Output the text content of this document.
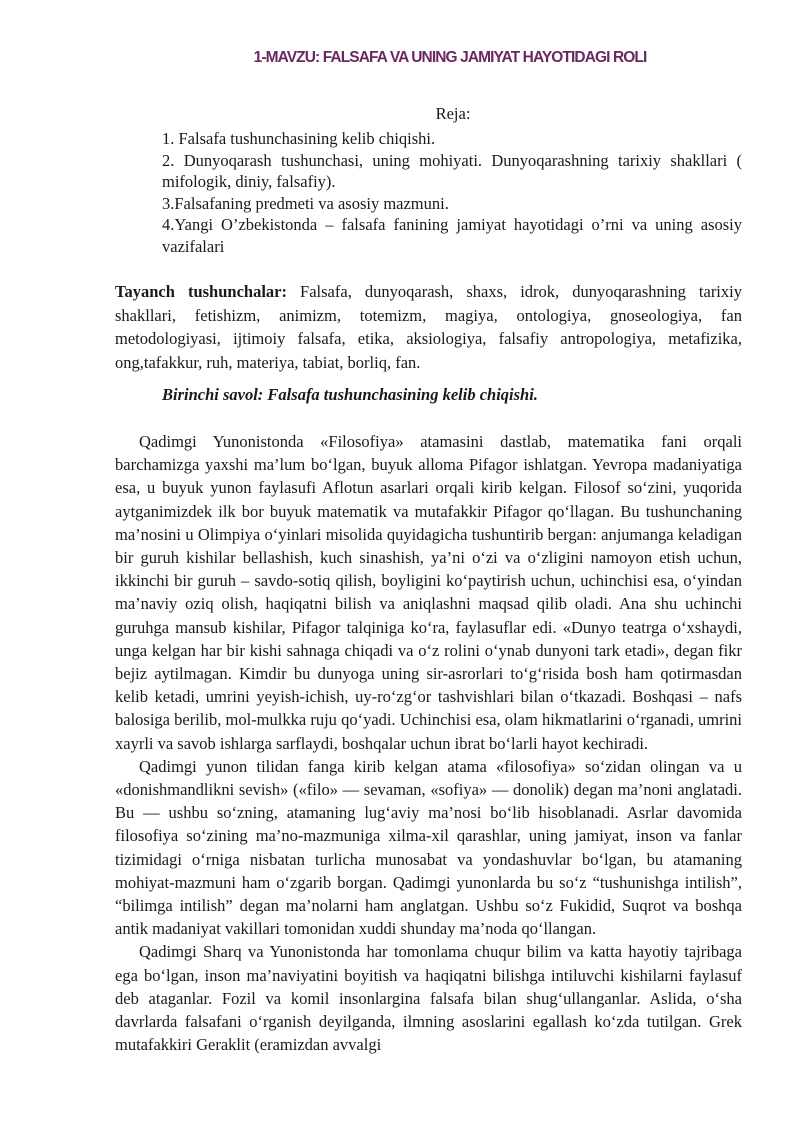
1-MAVZU: FALSAFA VA UNING JAMIYAT HAYOTIDAGI ROLI
Reja:
1. Falsafa tushunchasining kelib chiqishi.
2. Dunyoqarash tushunchasi, uning mohiyati. Dunyoqarashning tarixiy shakllari ( mifologik, diniy, falsafiy).
3.Falsafaning predmeti va asosiy mazmuni.
4.Yangi O’zbekistonda – falsafa fanining jamiyat hayotidagi o’rni va uning asosiy vazifalari
Tayanch tushunchalar: Falsafa, dunyoqarash, shaxs, idrok, dunyoqarashning tarixiy shakllari, fetishizm, animizm, totemizm, magiya, ontologiya, gnoseologiya, fan metodologiyasi, ijtimoiy falsafa, etika, aksiologiya, falsafiy antropologiya, metafizika, ong,tafakkur, ruh, materiya, tabiat, borliq, fan.
Birinchi savol: Falsafa tushunchasining kelib chiqishi.

Qadimgi Yunonistonda «Filosofiya» atamasini dastlab, matematika fani orqali barchamizga yaxshi ma’lum bo‘lgan, buyuk alloma Pifagor ishlatgan. Yevropa madaniyatiga esa, u buyuk yunon faylasufi Aflotun asarlari orqali kirib kelgan. Filosof so‘zini, yuqorida aytganimizdek ilk bor buyuk matematik va mutafakkir Pifagor qo‘llagan. Bu tushunchaning ma’nosini u Olimpiya o‘yinlari misolida quyidagicha tushuntirib bergan: anjumanga keladigan bir guruh kishilar bellashish, kuch sinashish, ya’ni o‘zi va o‘zligini namoyon etish uchun, ikkinchi bir guruh – savdo-sotiq qilish, boyligini ko‘paytirish uchun, uchinchisi esa, o‘yindan ma’naviy oziq olish, haqiqatni bilish va aniqlashni maqsad qilib oladi. Ana shu uchinchi guruhga mansub kishilar, Pifagor talqiniga ko‘ra, faylasuflar edi. «Dunyo teatrga o‘xshaydi, unga kelgan har bir kishi sahnaga chiqadi va o‘z rolini o‘ynab dunyoni tark etadi», degan fikr bejiz aytilmagan. Kimdir bu dunyoga uning sir-asrorlari to‘g‘risida bosh ham qotirmasdan kelib ketadi, umrini yeyish-ichish, uy-ro‘zg‘or tashvishlari bilan o‘tkazadi. Boshqasi – nafs balosiga berilib, mol-mulkka ruju qo‘yadi. Uchinchisi esa, olam hikmatlarini o‘rganadi, umrini xayrli va savob ishlarga sarflaydi, boshqalar uchun ibrat bo‘larli hayot kechiradi.

Qadimgi yunon tilidan fanga kirib kelgan atama «filosofiya» so‘zidan olingan va u «donishmandlikni sevish» («filo» — sevaman, «sofiya» — donolik) degan ma’noni anglatadi. Bu — ushbu so‘zning, atamaning lug‘aviy ma’nosi bo‘lib hisoblanadi. Asrlar davomida filosofiya so‘zining ma’no-mazmuniga xilma-xil qarashlar, uning jamiyat, inson va fanlar tizimidagi o‘rniga nisbatan turlicha munosabat va yondashuvlar bo‘lgan, bu atamaning mohiyat-mazmuni ham o‘zgarib borgan. Qadimgi yunonlarda bu so‘z “tushunishga intilish”, “bilimga intilish” degan ma’nolarni ham anglatgan. Ushbu so‘z Fukidid, Suqrot va boshqa antik madaniyat vakillari tomonidan xuddi shunday ma’noda qo‘llangan.

Qadimgi Sharq va Yunonistonda har tomonlama chuqur bilim va katta hayotiy tajribaga ega bo‘lgan, inson ma’naviyatini boyitish va haqiqatni bilishga intiluvchi kishilarni faylasuf deb ataganlar. Fozil va komil insonlargina falsafa bilan shug‘ullanganlar. Aslida, o‘sha davrlarda falsafani o‘rganish deyilganda, ilmning asoslarini egallash ko‘zda tutilgan. Grek mutafakkiri Geraklit (eramizdan avvalgi
